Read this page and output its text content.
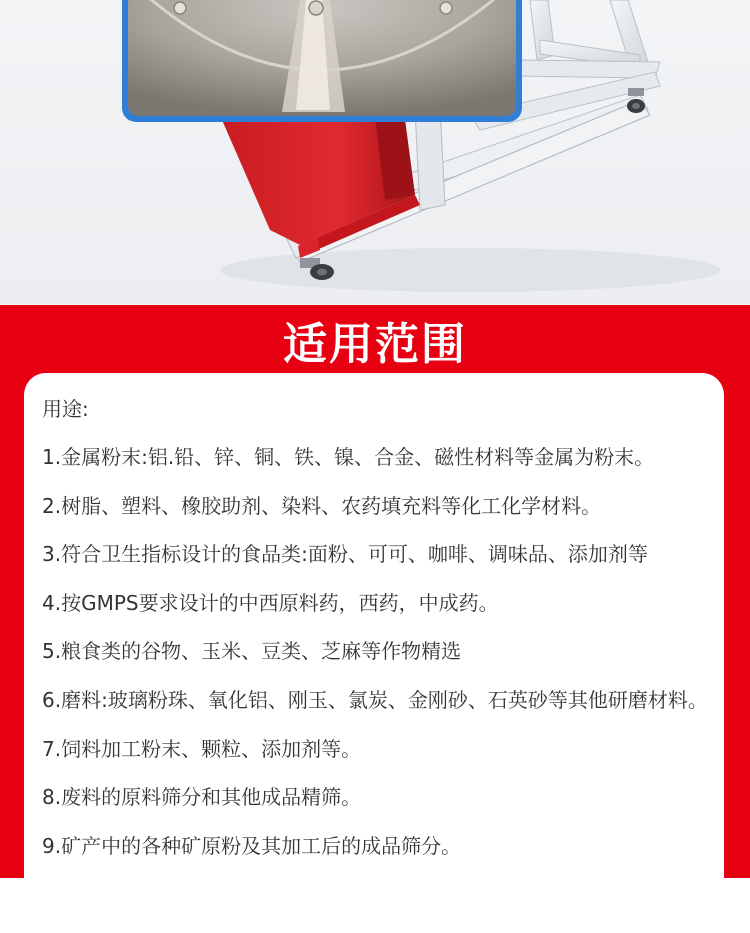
适用范围
用途:
1.金属粉末:铝.铅、锌、铜、铁、镍、合金、磁性材料等金属为粉末。
2.树脂、塑料、橡胶助剂、染料、农药填充料等化工化学材料。
3.符合卫生指标设计的食品类:面粉、可可、咖啡、调味品、添加剂等
4.按GMPS要求设计的中西原料药，西药，中成药。
5.粮食类的谷物、玉米、豆类、芝麻等作物精选
6.磨料:玻璃粉珠、氧化铝、刚玉、氯炭、金刚砂、石英砂等其他研磨材料。
7.饲料加工粉末、颗粒、添加剂等。
8.废料的原料筛分和其他成品精筛。
9.矿产中的各种矿原粉及其加工后的成品筛分。
